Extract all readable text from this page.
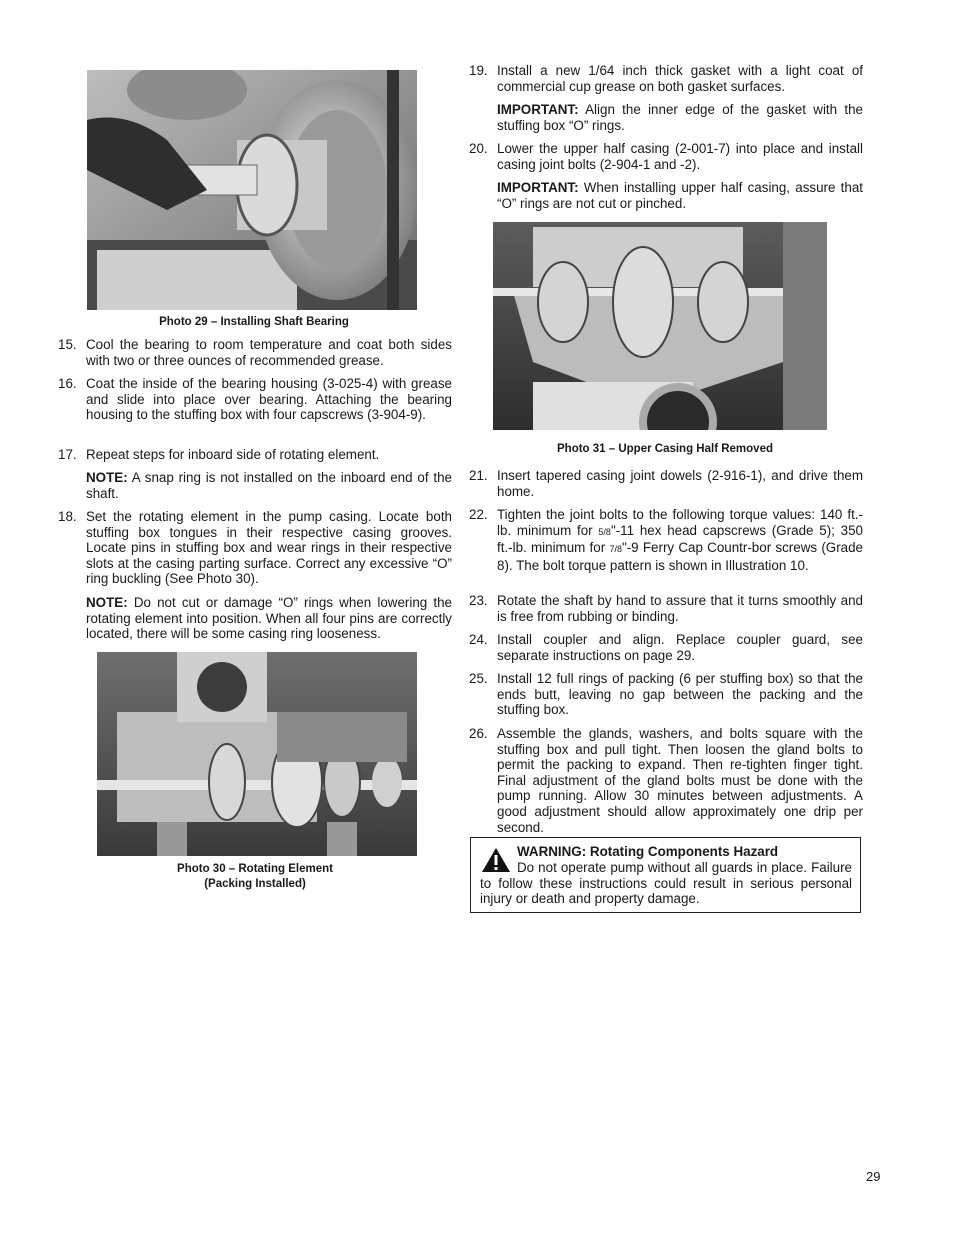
Photo 29 – Installing Shaft Bearing
15. Cool the bearing to room temperature and coat both sides with two or three ounces of recommended grease.
16. Coat the inside of the bearing housing (3-025-4) with grease and slide into place over bearing. Attaching the bearing housing to the stuffing box with four capscrews (3-904-9).
17. Repeat steps for inboard side of rotating element.
NOTE: A snap ring is not installed on the inboard end of the shaft.
18. Set the rotating element in the pump casing. Locate both stuffing box tongues in their respective casing grooves. Locate pins in stuffing box and wear rings in their respective slots at the casing parting surface. Correct any excessive “O” ring buckling (See Photo 30).
NOTE: Do not cut or damage “O” rings when lowering the rotating element into position. When all four pins are correctly located, there will be some casing ring looseness.
Photo 30 – Rotating Element
(Packing Installed)
19. Install a new 1/64 inch thick gasket with a light coat of commercial cup grease on both gasket surfaces.
IMPORTANT: Align the inner edge of the gasket with the stuffing box “O” rings.
20. Lower the upper half casing (2-001-7) into place and install casing joint bolts (2-904-1 and -2).
IMPORTANT: When installing upper half casing, assure that “O” rings are not cut or pinched.
Photo 31 – Upper Casing Half Removed
21. Insert tapered casing joint dowels (2-916-1), and drive them home.
22. Tighten the joint bolts to the following torque values: 140 ft.-lb. minimum for 5/8"-11 hex head capscrews (Grade 5); 350 ft.-lb. minimum for 7/8"-9 Ferry Cap Countr-bor screws (Grade 8). The bolt torque pattern is shown in Illustration 10.
23. Rotate the shaft by hand to assure that it turns smoothly and is free from rubbing or binding.
24. Install coupler and align. Replace coupler guard, see separate instructions on page 29.
25. Install 12 full rings of packing (6 per stuffing box) so that the ends butt, leaving no gap between the packing and the stuffing box.
26. Assemble the glands, washers, and bolts square with the stuffing box and pull tight. Then loosen the gland bolts to permit the packing to expand. Then re-tighten finger tight. Final adjustment of the gland bolts must be done with the pump running. Allow 30 minutes between adjustments. A good adjustment should allow approximately one drip per second.
WARNING: Rotating Components Hazard
Do not operate pump without all guards in place. Failure to follow these instructions could result in serious personal injury or death and property damage.
29
